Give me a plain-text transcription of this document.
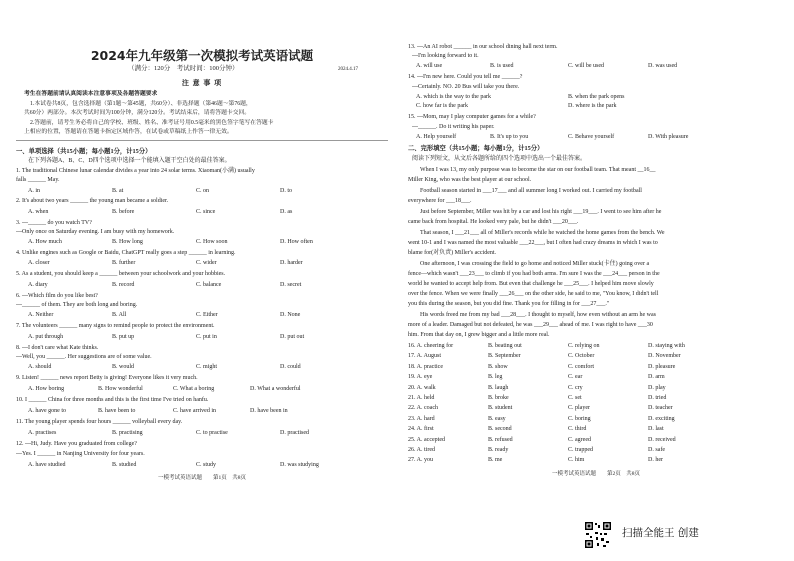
2024年九年级第一次模拟考试英语试题
（满分：120分　考试时间：100分钟）	2024.4.17
注 意 事 项
考生在答题前请认真阅读本注意事项及各题答题要求
1.本试卷共8页，包含选择题（第1题～第45题，共60分）、非选择题（第46题～第76题，
共60分）两部分。本次考试时间为100分钟，满分120分。考试结束后，请将答题卡交回。
2.答题前，请考生务必将自己的学校、班级、姓名、准考证号用0.5毫米的黑色签字笔写在答题卡
上相应的位置，答题请在答题卡指定区域作答，在试卷或草稿纸上作答一律无效。
一、单项选择（共15小题；每小题1分，计15分）
在下列各题A、B、C、D四个选项中选择一个能填入题干空白处的最佳答案。
1. The traditional Chinese lunar calendar divides a year into 24 solar terms. Xiaoman(小满) usually
falls ______ May.
A. in	B. at	C. on	D. to
2. It's about two years ______ the young man became a soldier.
A. when	B. before	C. since	D. as
3. ---______ do you watch TV?
---Only once on Saturday evening. I am busy with my homework.
A. How much	B. How long	C. How soon	D. How often
4. Unlike engines such as Google or Baidu, ChatGPT really goes a step ______ in learning.
A. closer	B. further	C. wider	D. harder
5. As a student, you should keep a ______ between your schoolwork and your hobbies.
A. diary	B. record	C. balance	D. secret
6. ---Which film do you like best?
---______ of them. They are both long and boring.
A. Neither	B. All	C. Either	D. None
7. The volunteers ______ many signs to remind people to protect the environment.
A. put through	B. put up	C. put in	D. put out
8. ---I don't care what Kate thinks.
---Well, you ______. Her suggestions are of some value.
A. should	B. would	C. might	D. could
9. Listen! ______ news report Betty is giving! Everyone likes it very much.
A. How boring	B. How wonderful	C. What a boring	D. What a wonderful
10. I ______ China for three months and this is the first time I've tried on hanfu.
A. have gone to	B. have been to	C. have arrived in	D. have been in
11. The young player spends four hours ______ volleyball every day.
A. practises	B. practising	C. to practise	D. practised
12. ---Hi, Judy. Have you graduated from college?
---Yes. I ______ in Nanjing University for four years.
A. have studied	B. studied	C. study	D. was studying
一模考试英语试题　　第1页　共8页
13. ---An AI robot ______ in our school dining hall next term.
---I'm looking forward to it.
A. will use	B. is used	C. will be used	D. was used
14. ---I'm new here. Could you tell me ______?
---Certainly. NO. 20 Bus will take you there.
A. which is the way to the park	B. when the park opens
C. how far is the park	D. where is the park
15. ---Mom, may I play computer games for a while?
---______. Do it writing his paper.
A. Help yourself	B. It's up to you	C. Behave yourself	D. With pleasure
二、完形填空（共15小题；每小题1分，计15分）
阅读下列短文，从文后各题所给的四个选项中选出一个最佳答案。
When I was 13, my only purpose was to become the star on our football team. That meant __16__
Miller King, who was the best player at our school.
Football season started in ___17___ and all summer long I worked out. I carried my football
everywhere for ___18___.
Just before September, Miller was hit by a car and lost his right ___19___. I went to see him after he
came back from hospital. He looked very pale, but he didn't ___20___.
That season, I ___21___ all of Miller's records while he watched the home games from the bench. We
went 10-1 and I was named the most valuable ___22___, but I often had crazy dreams in which I was to
blame for(对负责) Miller's accident.
One afternoon, I was crossing the field to go home and noticed Miller stuck(卡住) going over a
fence—which wasn't ___23___ to climb if you had both arms. I'm sure I was the ___24___ person in the
world he wanted to accept help from. But even that challenge he ___25___. I helped him move slowly
over the fence. When we were finally ___26___ on the other side, he said to me, "You know, I didn't tell
you this during the season, but you did fine. Thank you for filling in for ___27___."
His words freed me from my bad ___28___. I thought to myself, how even without an arm he was
more of a leader. Damaged but not defeated, he was ___29___ ahead of me. I was right to have ___30
him. From that day on, I grew bigger and a little more real.
16. A. cheering for	B. beating out	C. relying on	D. staying with
17. A. August	B. September	C. October	D. November
18. A. practice	B. show	C. comfort	D. pleasure
19. A. eye	B. leg	C. ear	D. arm
20. A. walk	B. laugh	C. cry	D. play
21. A. held	B. broke	C. set	D. tried
22. A. coach	B. student	C. player	D. teacher
23. A. hard	B. easy	C. boring	D. exciting
24. A. first	B. second	C. third	D. last
25. A. accepted	B. refused	C. agreed	D. received
26. A. tired	B. ready	C. trapped	D. safe
27. A. you	B. me	C. him	D. her
一模考试英语试题　　第2页　共8页
扫描全能王 创建
